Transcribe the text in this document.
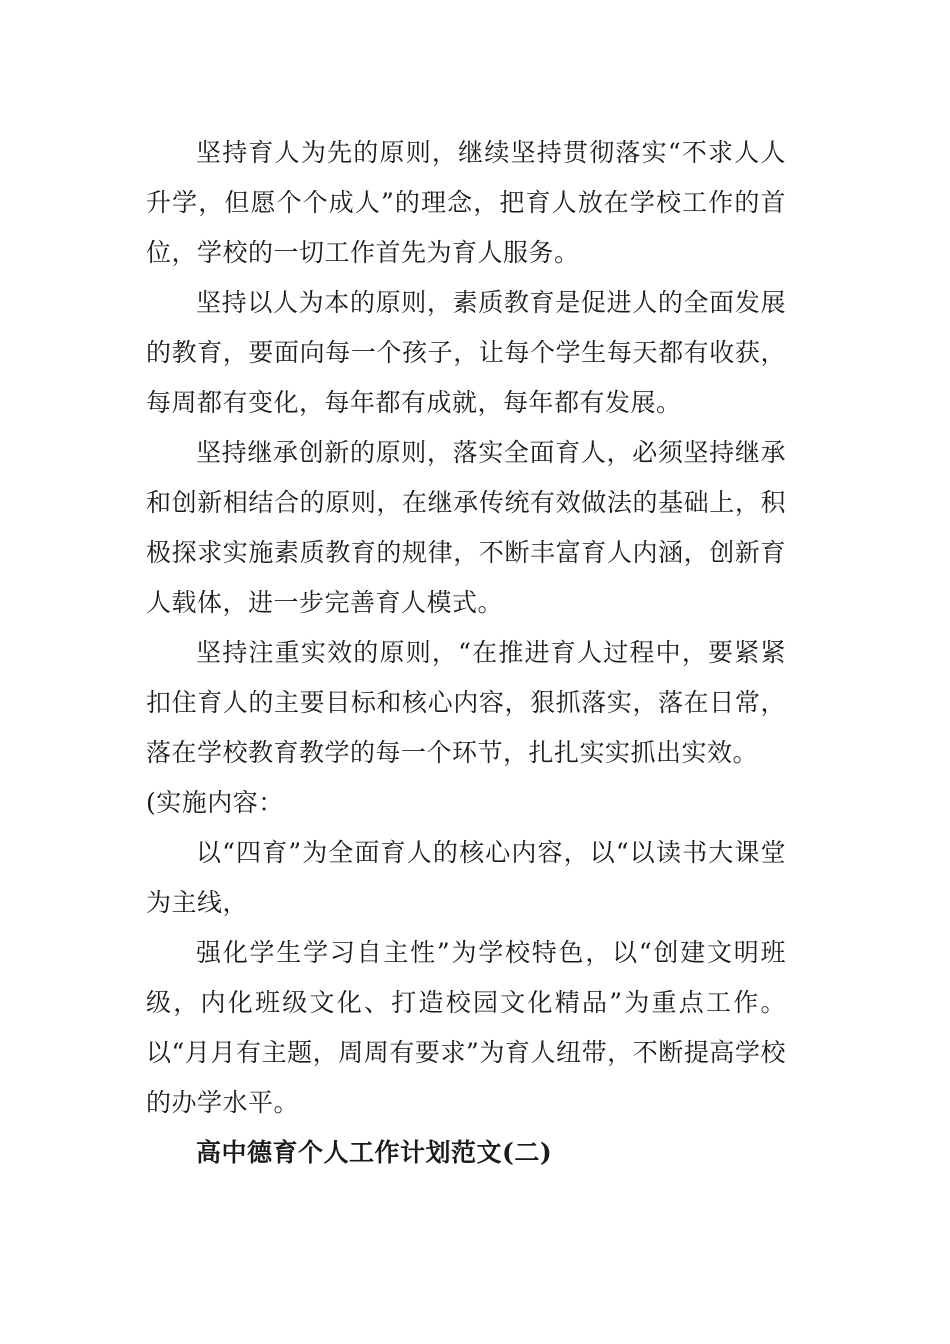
坚持育人为先的原则，继续坚持贯彻落实“不求人人升学，但愿个个成人”的理念，把育人放在学校工作的首位，学校的一切工作首先为育人服务。

坚持以人为本的原则，素质教育是促进人的全面发展的教育，要面向每一个孩子，让每个学生每天都有收获，每周都有变化，每年都有成就，每年都有发展。

坚持继承创新的原则，落实全面育人，必须坚持继承和创新相结合的原则，在继承传统有效做法的基础上，积极探求实施素质教育的规律，不断丰富育人内涵，创新育人载体，进一步完善育人模式。

坚持注重实效的原则，“在推进育人过程中，要紧紧扣住育人的主要目标和核心内容，狠抓落实，落在日常，落在学校教育教学的每一个环节，扎扎实实抓出实效。

(实施内容：

以“四育”为全面育人的核心内容，以“以读书大课堂为主线，

强化学生学习自主性”为学校特色，以“创建文明班级，内化班级文化、打造校园文化精品”为重点工作。以“月月有主题，周周有要求”为育人纽带，不断提高学校的办学水平。

高中德育个人工作计划范文(二)
